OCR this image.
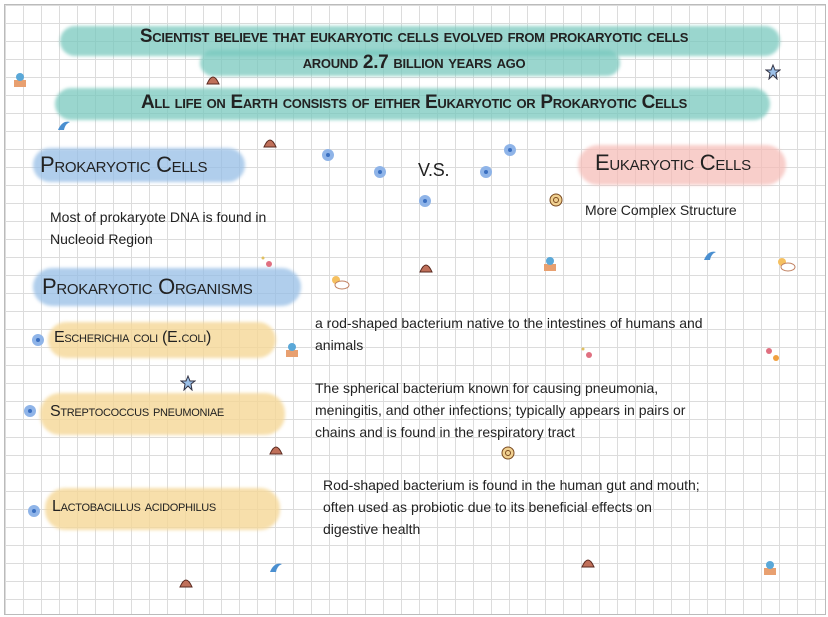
Scientist believe that eukaryotic cells evolved from prokaryotic cells
around 2.7 billion years ago
All life on Earth consists of either Eukaryotic or Prokaryotic Cells
Prokaryotic Cells	V.S.	Eukaryotic Cells
Most of prokaryote DNA is found in
Nucleoid Region
More Complex Structure
Prokaryotic Organisms
Escherichia coli (E.coli)
a rod-shaped bacterium native to the intestines of humans and
animals
Streptococcus pneumoniae
The spherical bacterium known for causing pneumonia,
meningitis, and other infections; typically appears in pairs or
chains and is found in the respiratory tract
Lactobacillus acidophilus
Rod-shaped bacterium is found in the human gut and mouth;
often used as probiotic due to its beneficial effects on
digestive health
